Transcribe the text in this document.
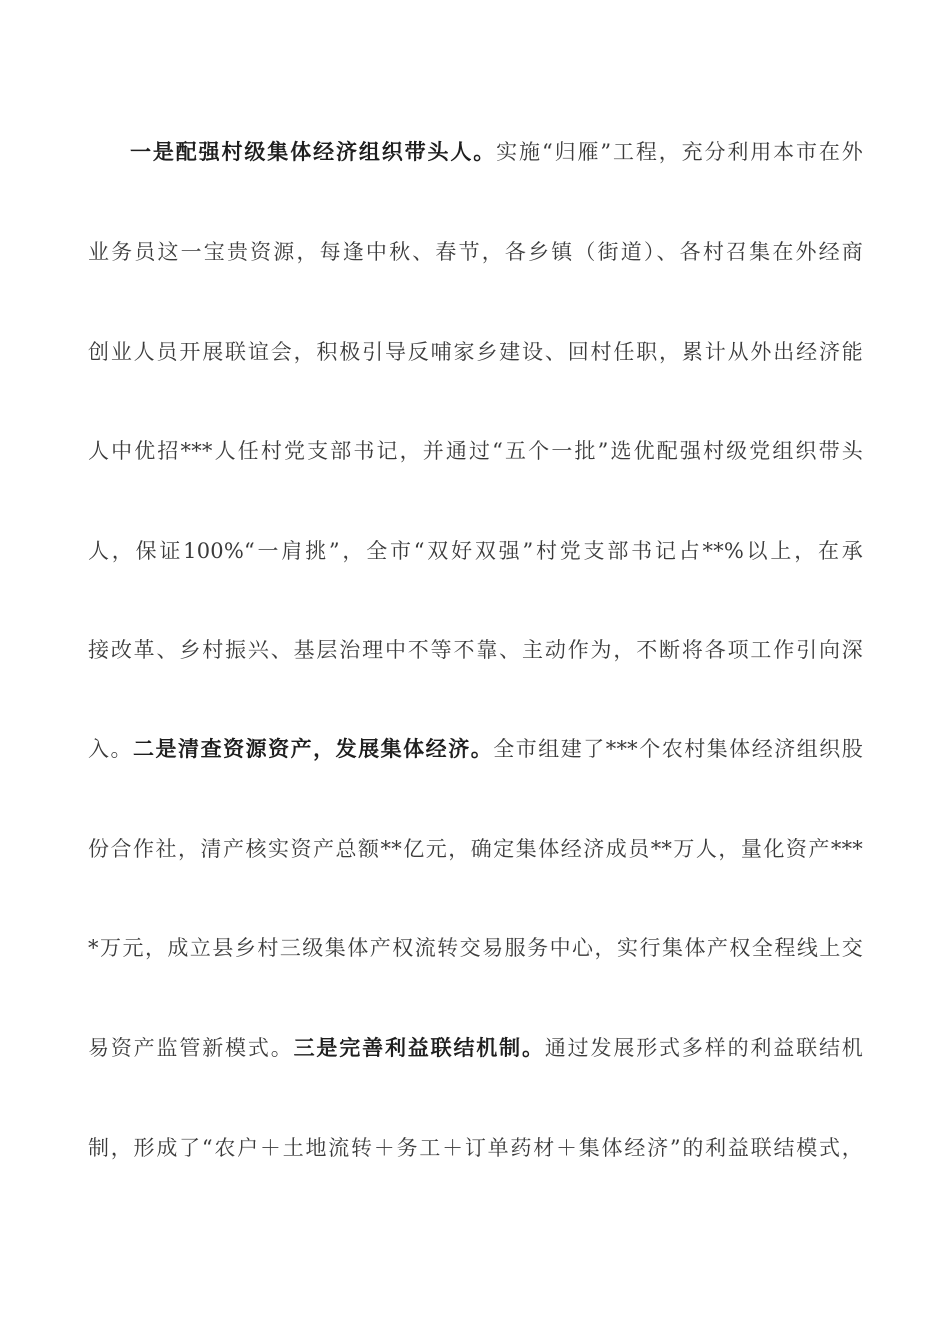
一是配强村级集体经济组织带头人。实施“归雁”工程，充分利用本市在外
业务员这一宝贵资源，每逢中秋、春节，各乡镇（街道）、各村召集在外经商
创业人员开展联谊会，积极引导反哺家乡建设、回村任职，累计从外出经济能
人中优招***人任村党支部书记，并通过“五个一批”选优配强村级党组织带头
人，保证100%“一肩挑”，全市“双好双强”村党支部书记占**%以上，在承
接改革、乡村振兴、基层治理中不等不靠、主动作为，不断将各项工作引向深
入。二是清查资源资产，发展集体经济。全市组建了***个农村集体经济组织股
份合作社，清产核实资产总额**亿元，确定集体经济成员**万人，量化资产***
*万元，成立县乡村三级集体产权流转交易服务中心，实行集体产权全程线上交
易资产监管新模式。三是完善利益联结机制。通过发展形式多样的利益联结机
制，形成了“农户＋土地流转＋务工＋订单药材＋集体经济”的利益联结模式，
